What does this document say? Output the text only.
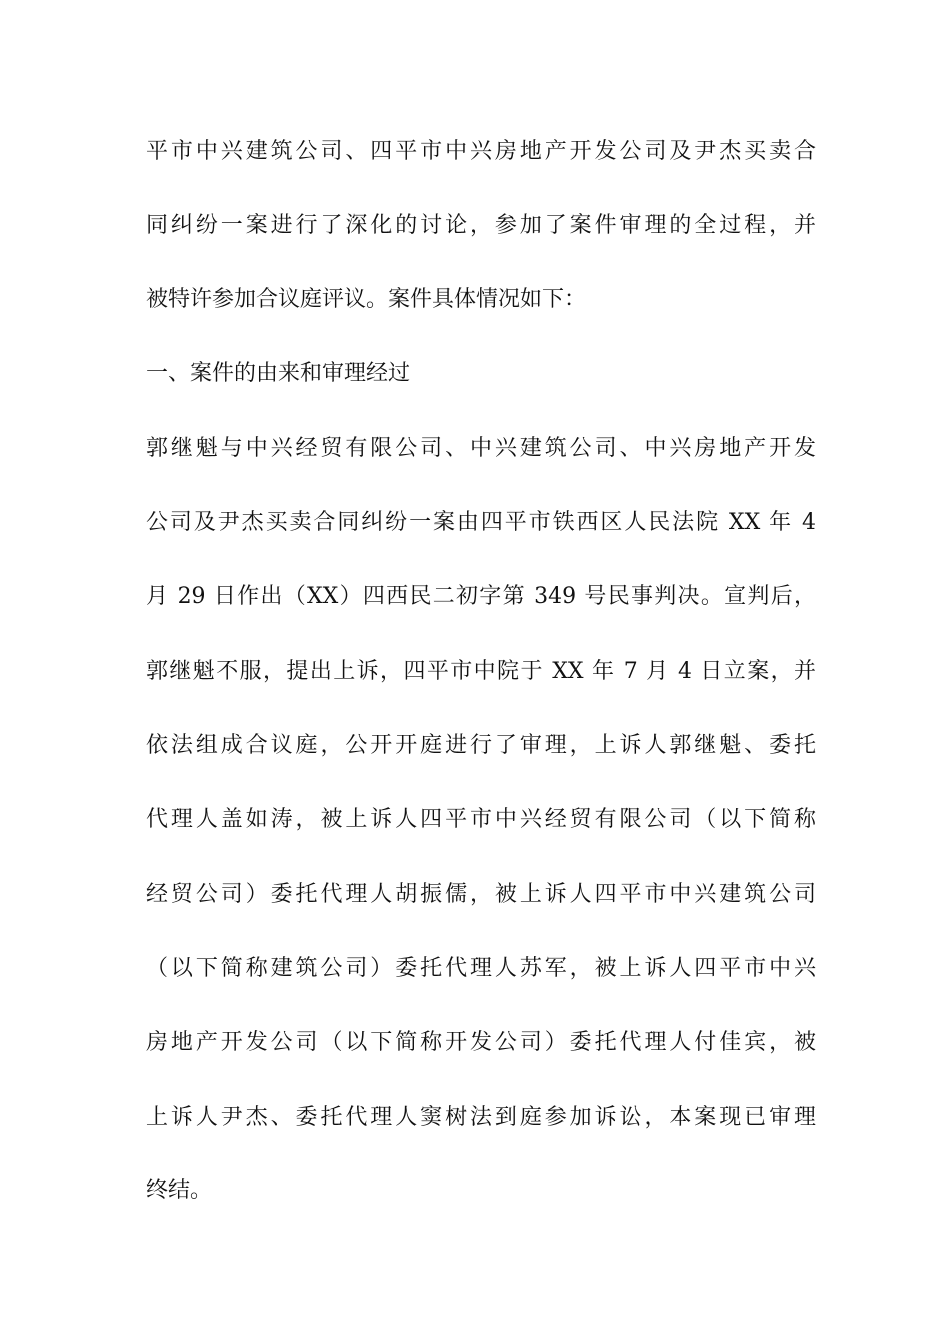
平市中兴建筑公司、四平市中兴房地产开发公司及尹杰买卖合
同纠纷一案进行了深化的讨论，参加了案件审理的全过程，并
被特许参加合议庭评议。案件具体情况如下：
一、案件的由来和审理经过
郭继魁与中兴经贸有限公司、中兴建筑公司、中兴房地产开发
公司及尹杰买卖合同纠纷一案由四平市铁西区人民法院 XX 年 4
月 29 日作出（XX）四西民二初字第 349 号民事判决。宣判后，
郭继魁不服，提出上诉，四平市中院于 XX 年 7 月 4 日立案，并
依法组成合议庭，公开开庭进行了审理，上诉人郭继魁、委托
代理人盖如涛，被上诉人四平市中兴经贸有限公司（以下简称
经贸公司）委托代理人胡振儒，被上诉人四平市中兴建筑公司
（以下简称建筑公司）委托代理人苏军，被上诉人四平市中兴
房地产开发公司（以下简称开发公司）委托代理人付佳宾，被
上诉人尹杰、委托代理人窦树法到庭参加诉讼，本案现已审理
终结。
